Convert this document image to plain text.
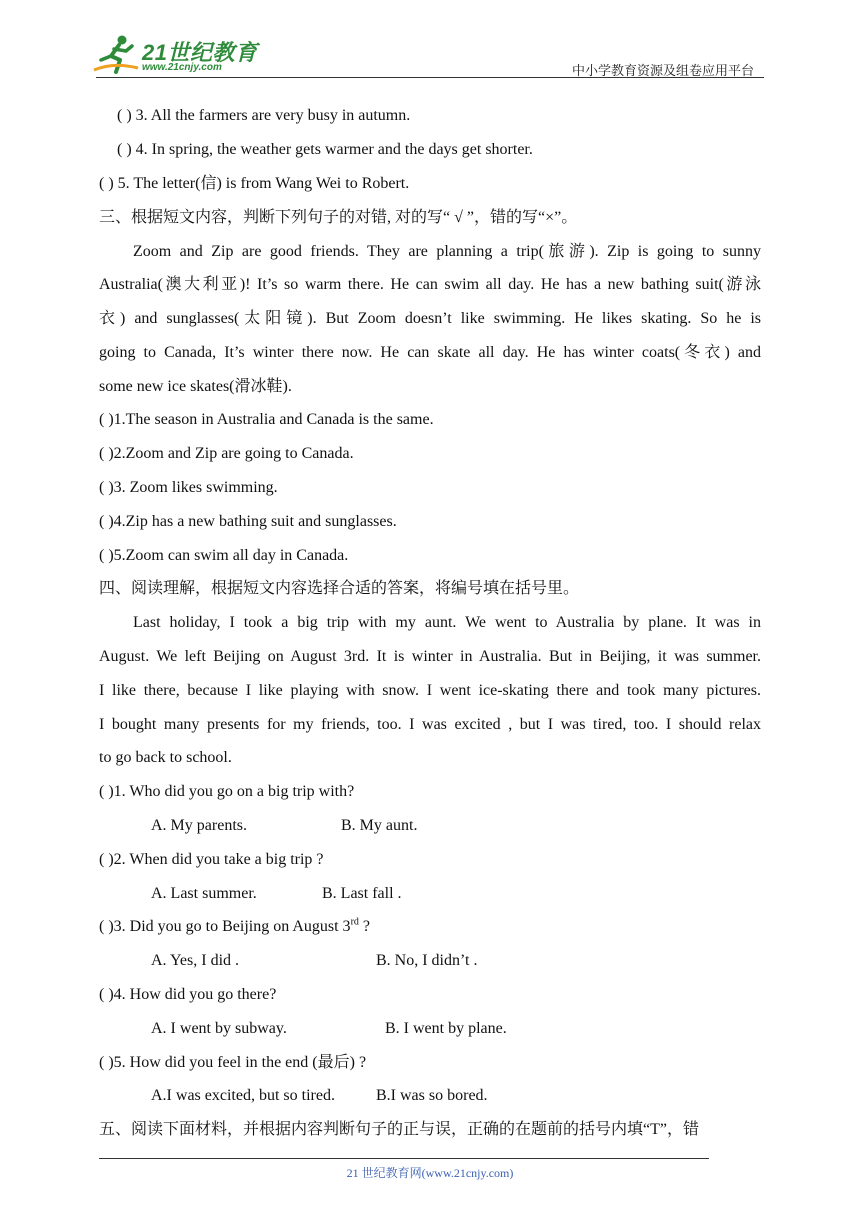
21世纪教育
www.21cnjy.com	中小学教育资源及组卷应用平台
( ) 3. All the farmers are very busy in autumn.
( ) 4. In spring, the weather gets warmer and the days get shorter.
( ) 5. The letter(信) is from Wang Wei to Robert.
三、根据短文内容，判断下列句子的对错, 对的写“ √ ”，错的写“×”。
Zoom and Zip are good friends. They are planning a trip(旅游). Zip is going to sunny
Australia(澳大利亚)! It’s so warm there. He can swim all day. He has a new bathing suit(游泳
衣) and sunglasses(太阳镜). But Zoom doesn’t like swimming. He likes skating. So he is
going to Canada, It’s winter there now. He can skate all day. He has winter coats(冬衣) and
some new ice skates(滑冰鞋).
( )1.The season in Australia and Canada is the same.
( )2.Zoom and Zip are going to Canada.
( )3. Zoom likes swimming.
( )4.Zip has a new bathing suit and sunglasses.
( )5.Zoom can swim all day in Canada.
四、阅读理解，根据短文内容选择合适的答案，将编号填在括号里。
Last holiday, I took a big trip with my aunt. We went to Australia by plane. It was in
August. We left Beijing on August 3rd. It is winter in Australia. But in Beijing, it was summer.
I like there, because I like playing with snow. I went ice-skating there and took many pictures.
I bought many presents for my friends, too. I was excited , but I was tired, too. I should relax
to go back to school.
( )1. Who did you go on a big trip with?
A. My parents.	B. My aunt.
( )2. When did you take a big trip ?
A. Last summer.	B. Last fall .
( )3. Did you go to Beijing on August 3rd ?
A. Yes, I did .	B. No, I didn’t .
( )4. How did you go there?
A. I went by subway.	B. I went by plane.
( )5. How did you feel in the end (最后) ?
A.I was excited, but so tired.	B.I was so bored.
五、阅读下面材料，并根据内容判断句子的正与误，正确的在题前的括号内填“T”，错
21 世纪教育网(www.21cnjy.com)
